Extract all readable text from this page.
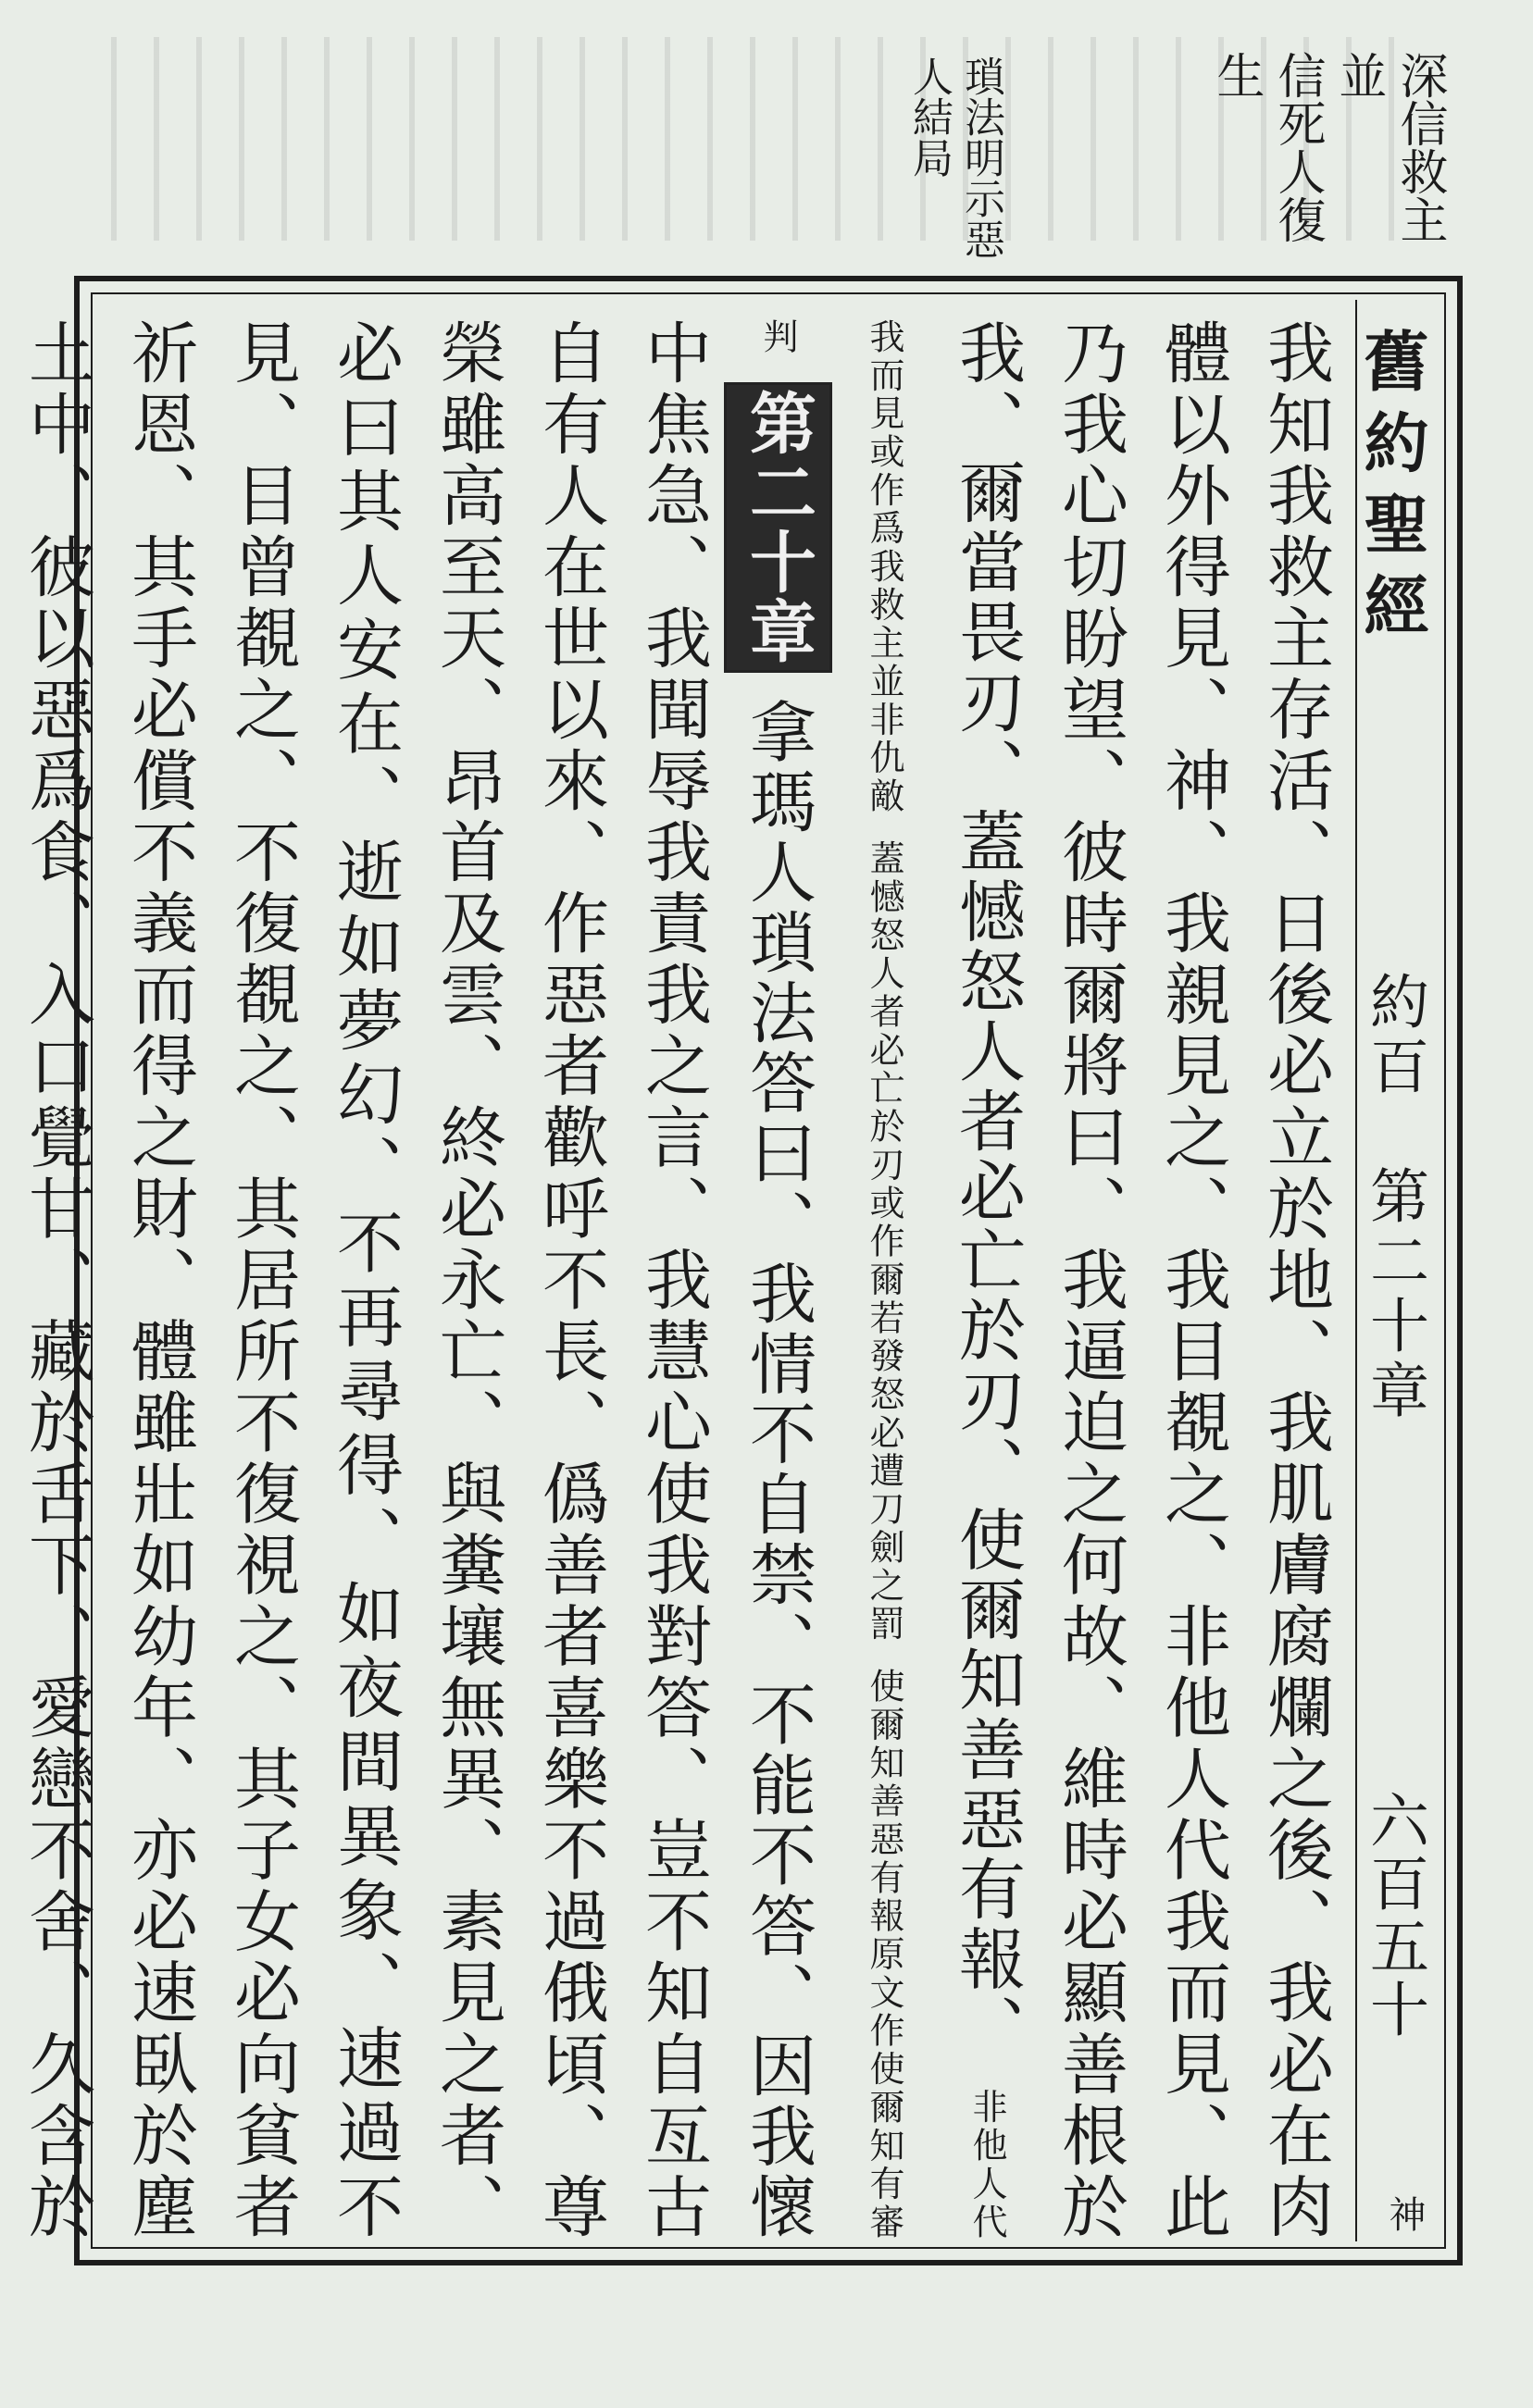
深信救主並
信死人復生
瑣法明示惡
人結局
舊約聖經
約百　第二十章
六百五十
神

我知我救主存活、日後必立於地、我肌膚腐爛之後、我必在肉體以外得見、神、我親見之、我目覩之、非他人代我而見、此乃我心切盼望、彼時爾將曰、我逼迫之何故、維時必顯善根於我、爾當畏刃、蓋憾怒人者必亡於刃、使爾知善惡有報、 非他人代我而見或作爲我救主並非仇敵 蓋憾怒人者必亡於刃或作爾若發怒必遭刀劍之罰 使爾知善惡有報原文作使爾知有審判 第二十章 拿瑪人瑣法答曰、我情不自禁、不能不答、因我懷中焦急、我聞辱我責我之言、我慧心使我對答、豈不知自亙古自有人在世以來、作惡者歡呼不長、僞善者喜樂不過俄頃、尊榮雖高至天、昂首及雲、終必永亡、與糞壤無異、素見之者、必曰其人安在、逝如夢幻、不再尋得、如夜間異象、速過不見、目曾覩之、不復覩之、其居所不復視之、其子女必向貧者祈恩、其手必償不義而得之財、體雖壯如幼年、亦必速臥於塵土中、彼以惡爲食、入口覺甘、藏於舌下、愛戀不舍、久含於
